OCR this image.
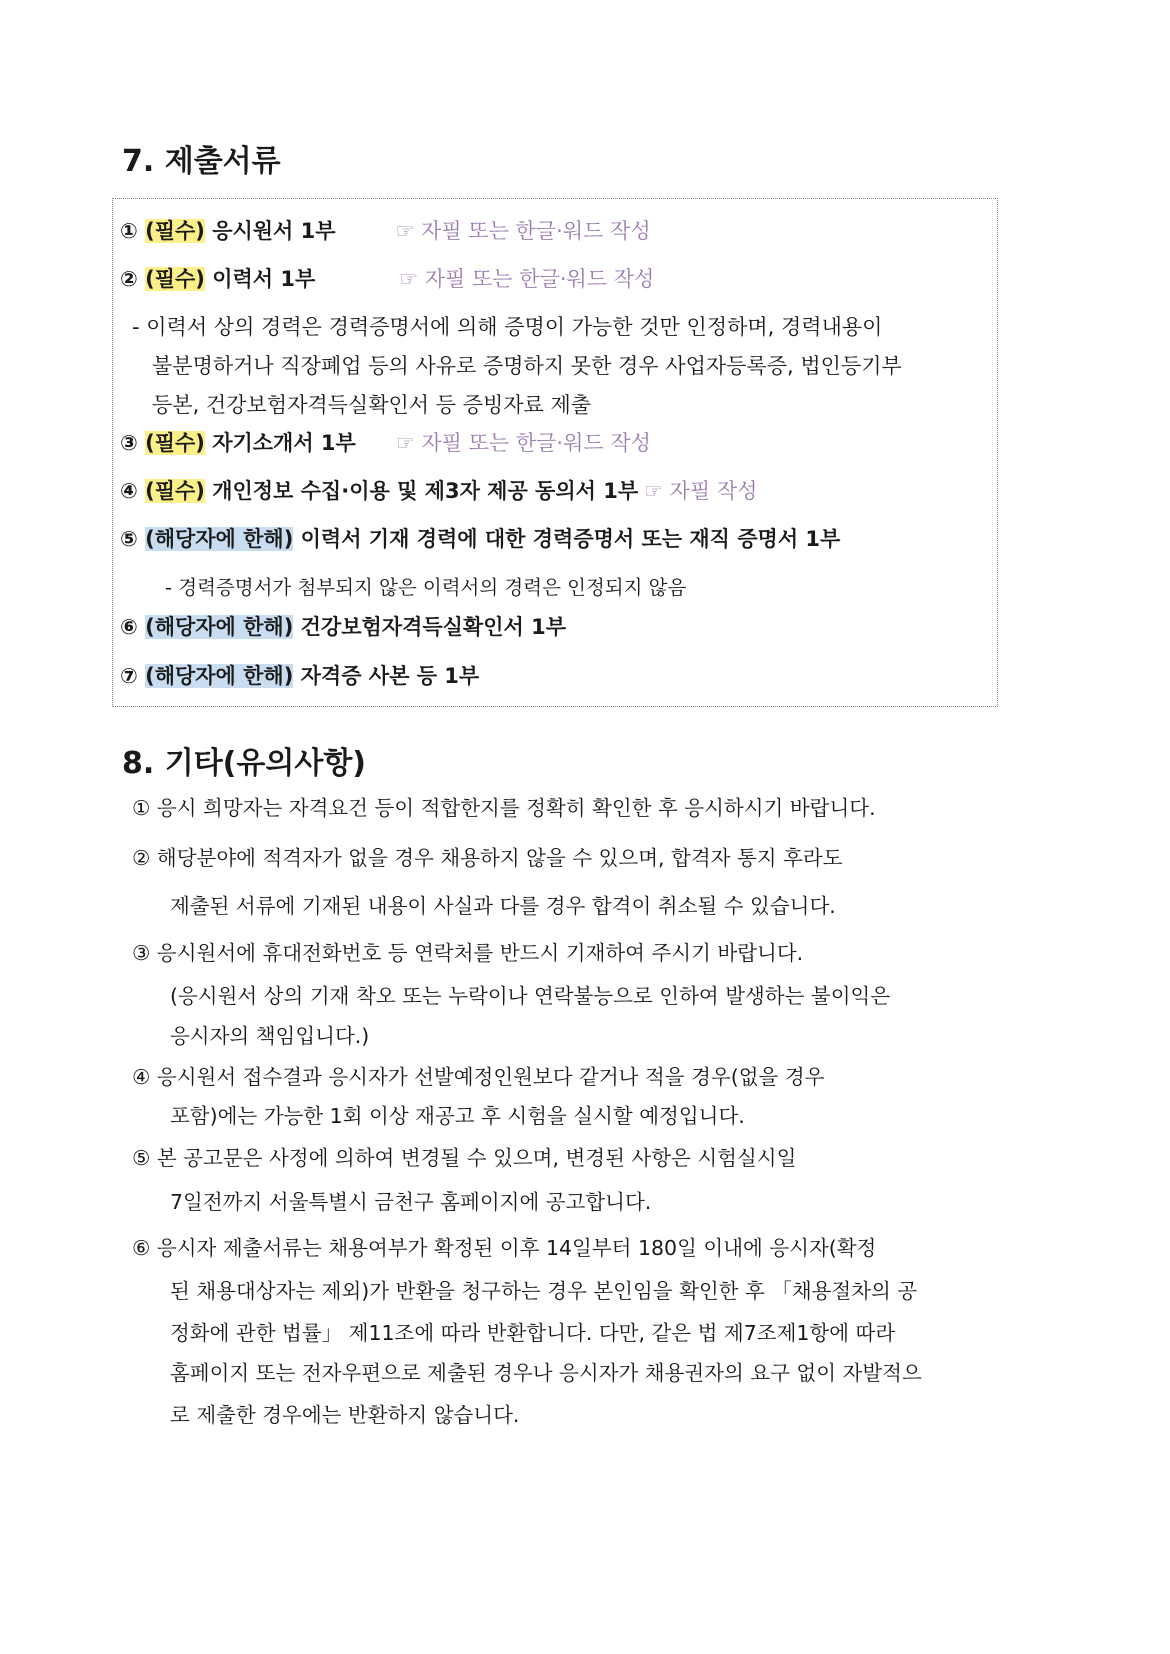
7. 제출서류
① (필수) 응시원서 1부	☞ 자필 또는 한글·워드 작성
② (필수) 이력서 1부	☞ 자필 또는 한글·워드 작성
- 이력서 상의 경력은 경력증명서에 의해 증명이 가능한 것만 인정하며, 경력내용이
불분명하거나 직장폐업 등의 사유로 증명하지 못한 경우 사업자등록증, 법인등기부
등본, 건강보험자격득실확인서 등 증빙자료 제출
③ (필수) 자기소개서 1부 ☞ 자필 또는 한글·워드 작성
④ (필수) 개인정보 수집·이용 및 제3자 제공 동의서 1부 ☞ 자필 작성
⑤ (해당자에 한해) 이력서 기재 경력에 대한 경력증명서 또는 재직 증명서 1부
- 경력증명서가 첨부되지 않은 이력서의 경력은 인정되지 않음
⑥ (해당자에 한해) 건강보험자격득실확인서 1부
⑦ (해당자에 한해) 자격증 사본 등 1부
8. 기타(유의사항)
① 응시 희망자는 자격요건 등이 적합한지를 정확히 확인한 후 응시하시기 바랍니다.
② 해당분야에 적격자가 없을 경우 채용하지 않을 수 있으며, 합격자 통지 후라도
제출된 서류에 기재된 내용이 사실과 다를 경우 합격이 취소될 수 있습니다.
③ 응시원서에 휴대전화번호 등 연락처를 반드시 기재하여 주시기 바랍니다.
(응시원서 상의 기재 착오 또는 누락이나 연락불능으로 인하여 발생하는 불이익은
응시자의 책임입니다.)
④ 응시원서 접수결과 응시자가 선발예정인원보다 같거나 적을 경우(없을 경우
포함)에는 가능한 1회 이상 재공고 후 시험을 실시할 예정입니다.
⑤ 본 공고문은 사정에 의하여 변경될 수 있으며, 변경된 사항은 시험실시일
7일전까지 서울특별시 금천구 홈페이지에 공고합니다.
⑥ 응시자 제출서류는 채용여부가 확정된 이후 14일부터 180일 이내에 응시자(확정
된 채용대상자는 제외)가 반환을 청구하는 경우 본인임을 확인한 후 「채용절차의 공
정화에 관한 법률」 제11조에 따라 반환합니다. 다만, 같은 법 제7조제1항에 따라
홈페이지 또는 전자우편으로 제출된 경우나 응시자가 채용권자의 요구 없이 자발적으
로 제출한 경우에는 반환하지 않습니다.
